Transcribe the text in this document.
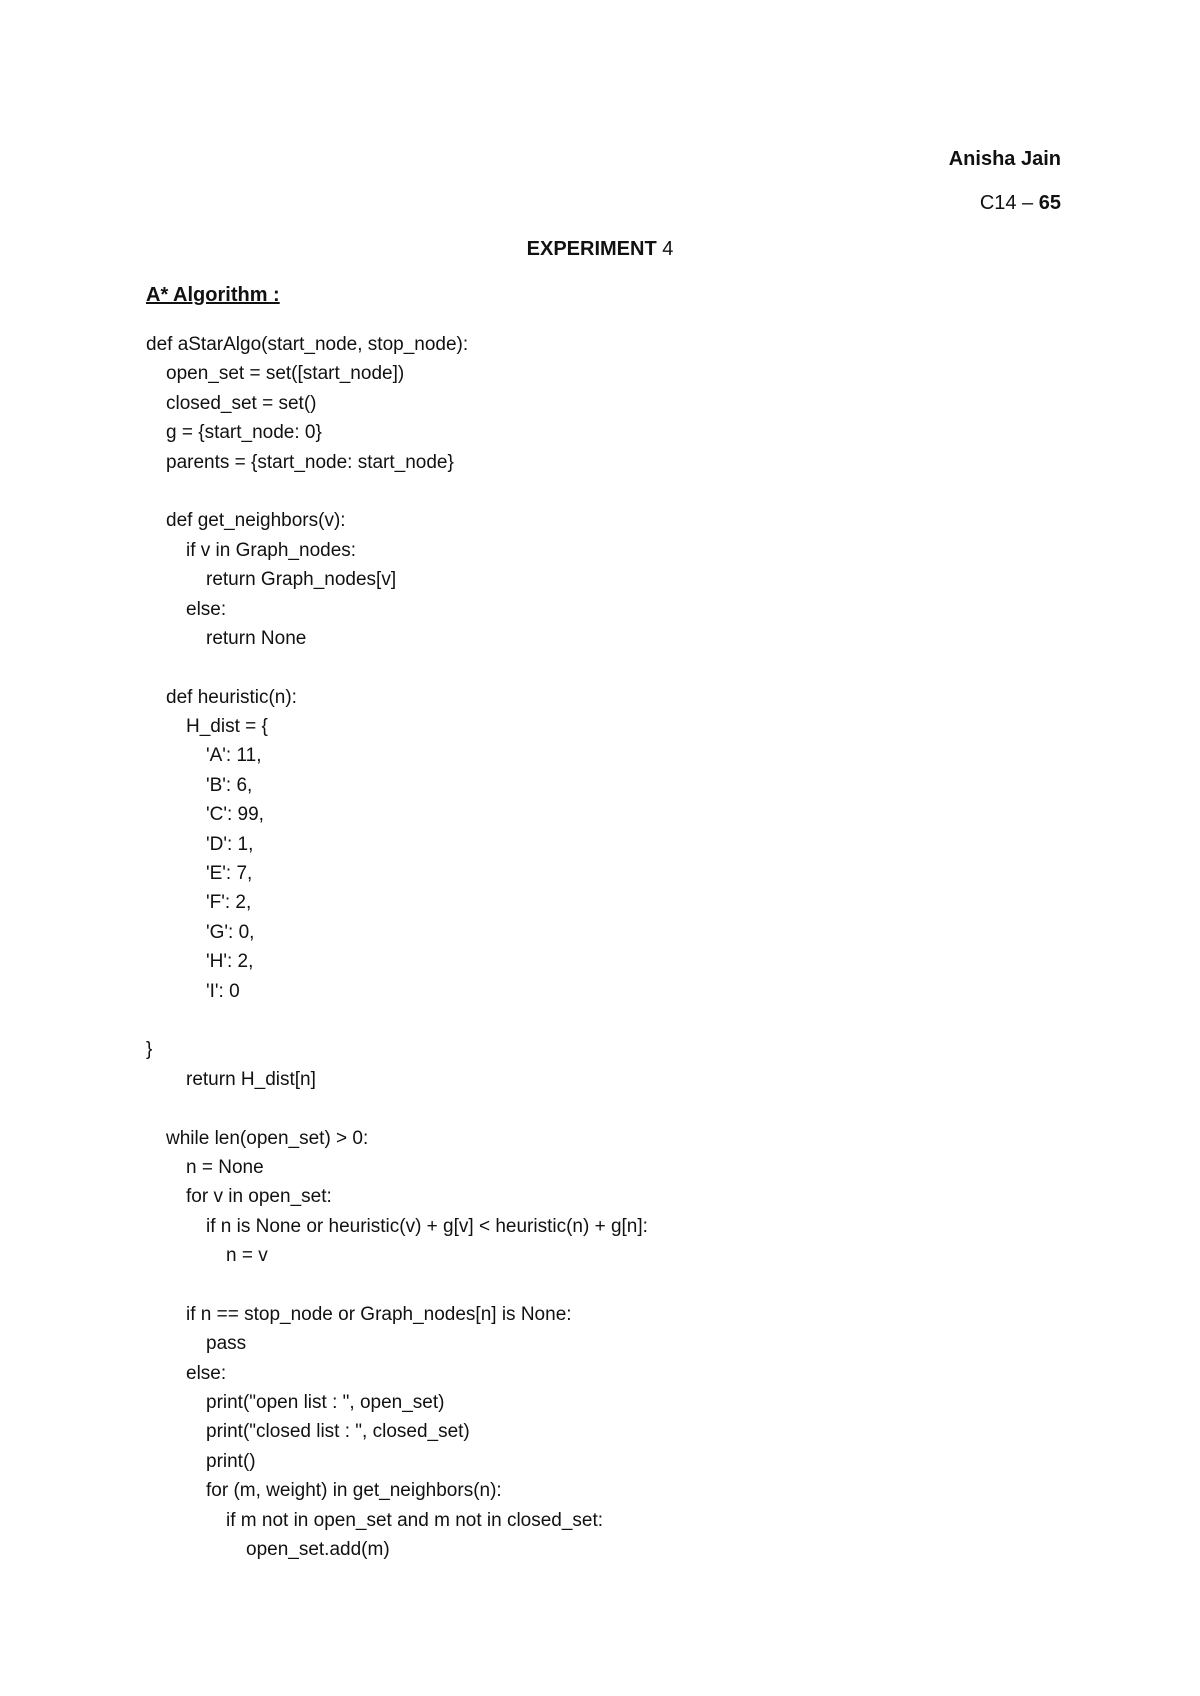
Anisha Jain
C14 – 65
EXPERIMENT 4
A* Algorithm :
def aStarAlgo(start_node, stop_node):
open_set = set([start_node])
closed_set = set()
g = {start_node: 0}
parents = {start_node: start_node}
def get_neighbors(v):
if v in Graph_nodes:
return Graph_nodes[v]
else:
return None
def heuristic(n):
H_dist = {
'A': 11,
'B': 6,
'C': 99,
'D': 1,
'E': 7,
'F': 2,
'G': 0,
'H': 2,
'I': 0
}
return H_dist[n]
while len(open_set) > 0:
n = None
for v in open_set:
if n is None or heuristic(v) + g[v] < heuristic(n) + g[n]:
n = v
if n == stop_node or Graph_nodes[n] is None:
pass
else:
print("open list : ", open_set)
print("closed list : ", closed_set)
print()
for (m, weight) in get_neighbors(n):
if m not in open_set and m not in closed_set:
open_set.add(m)
